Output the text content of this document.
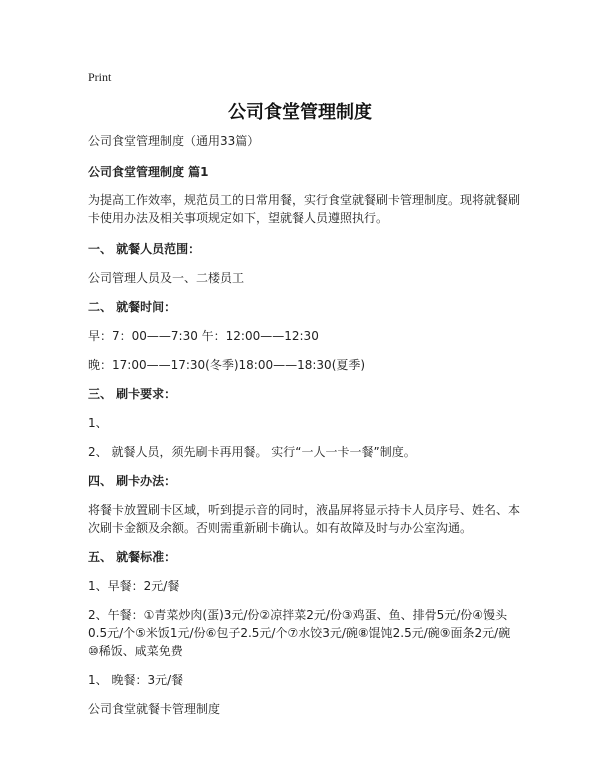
Print
公司食堂管理制度

公司食堂管理制度（通用33篇）

公司食堂管理制度 篇1

为提高工作效率，规范员工的日常用餐，实行食堂就餐刷卡管理制度。现将就餐刷卡使用办法及相关事项规定如下，望就餐人员遵照执行。

一、 就餐人员范围：

公司管理人员及一、二楼员工

二、 就餐时间：

早：7：00——7:30 午：12:00——12:30

晚：17:00——17:30(冬季)18:00——18:30(夏季)

三、 刷卡要求：

1、

2、 就餐人员，须先刷卡再用餐。 实行“一人一卡一餐”制度。

四、 刷卡办法：

将餐卡放置刷卡区域，听到提示音的同时，液晶屏将显示持卡人员序号、姓名、本次刷卡金额及余额。否则需重新刷卡确认。如有故障及时与办公室沟通。

五、 就餐标准：

1、早餐：2元/餐

2、午餐：①青菜炒肉(蛋)3元/份②凉拌菜2元/份③鸡蛋、鱼、排骨5元/份④馒头0.5元/个⑤米饭1元/份⑥包子2.5元/个⑦水饺3元/碗⑧馄饨2.5元/碗⑨面条2元/碗⑩稀饭、咸菜免费

1、 晚餐：3元/餐

公司食堂就餐卡管理制度
